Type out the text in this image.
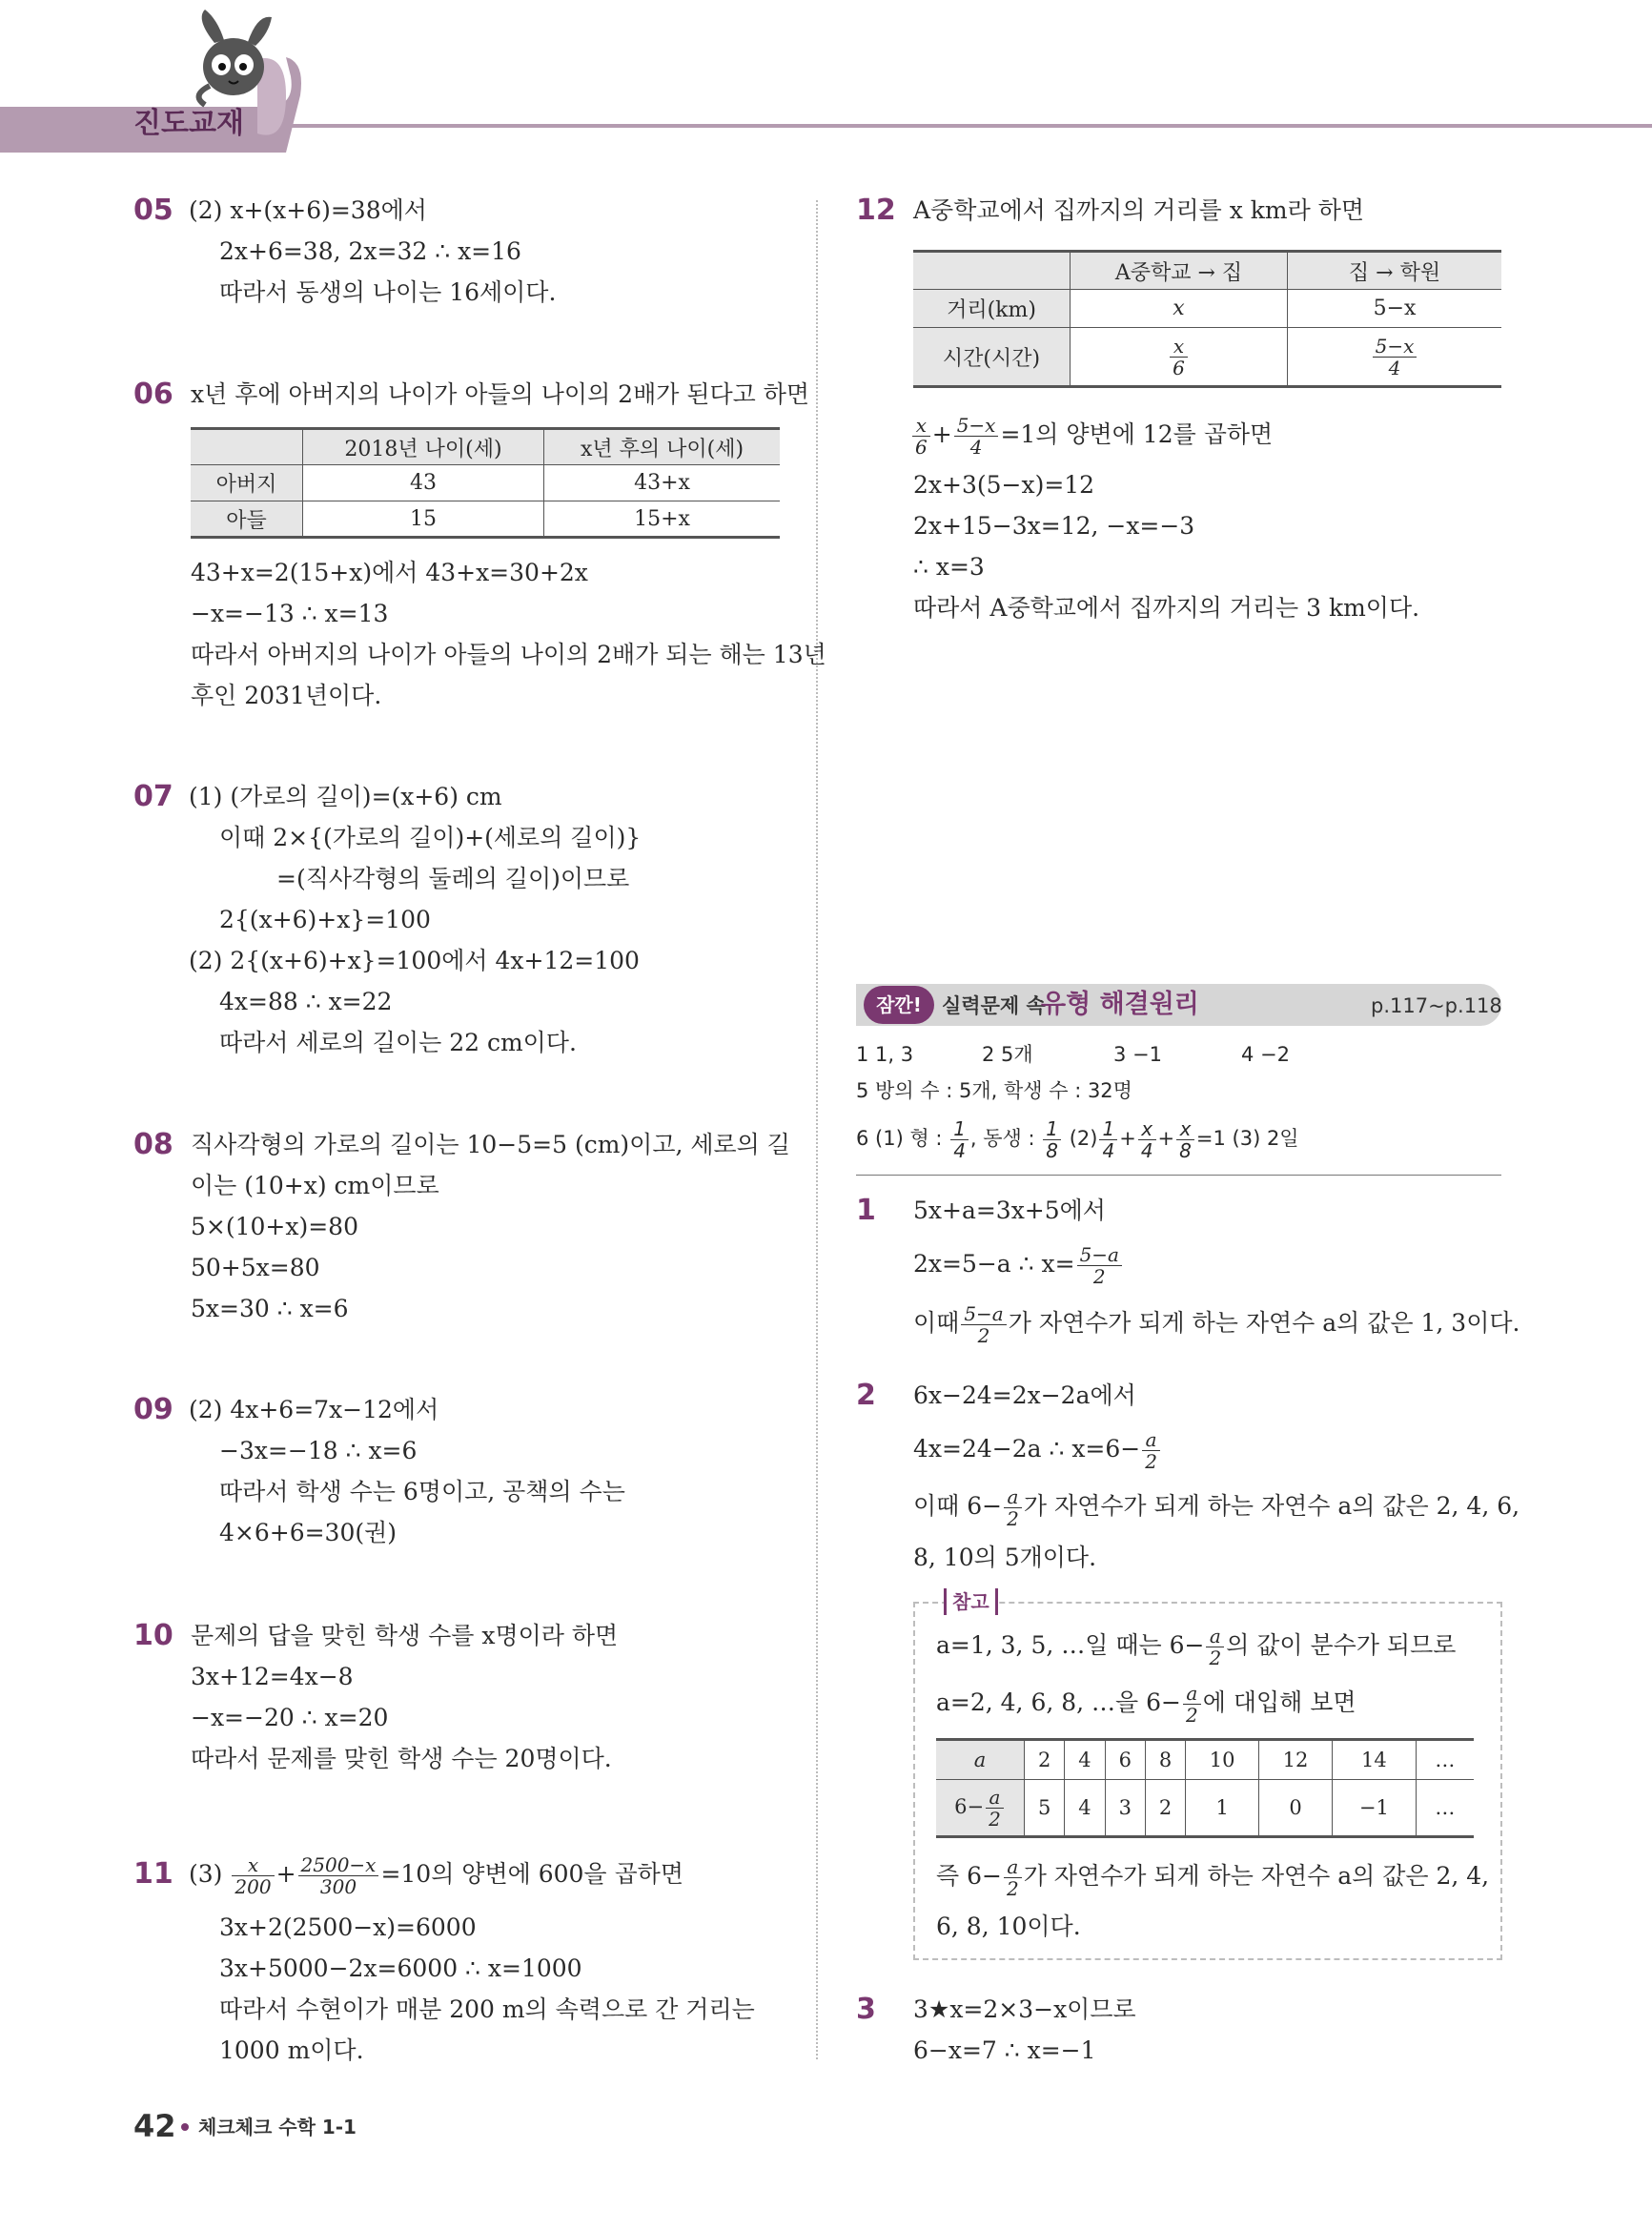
진도교재
05 (2) x+(x+6)=38에서
2x+6=38, 2x=32 ∴ x=16
따라서 동생의 나이는 16세이다.
06 x년 후에 아버지의 나이가 아들의 나이의 2배가 된다고 하면
	2018년 나이(세)	x년 후의 나이(세)
아버지	43	43+x
아들	15	15+x
43+x=2(15+x)에서 43+x=30+2x
−x=−13 ∴ x=13
따라서 아버지의 나이가 아들의 나이의 2배가 되는 해는 13년
후인 2031년이다.
07 (1) (가로의 길이)=(x+6) cm
이때 2×{(가로의 길이)+(세로의 길이)}
=(직사각형의 둘레의 길이)이므로
2{(x+6)+x}=100
(2) 2{(x+6)+x}=100에서 4x+12=100
4x=88 ∴ x=22
따라서 세로의 길이는 22 cm이다.
08 직사각형의 가로의 길이는 10−5=5 (cm)이고, 세로의 길
이는 (10+x) cm이므로
5×(10+x)=80
50+5x=80
5x=30 ∴ x=6
09 (2) 4x+6=7x−12에서
−3x=−18 ∴ x=6
따라서 학생 수는 6명이고, 공책의 수는
4×6+6=30(권)
10 문제의 답을 맞힌 학생 수를 x명이라 하면
3x+12=4x−8
−x=−20 ∴ x=20
따라서 문제를 맞힌 학생 수는 20명이다.
11 $(3) \frac{x}{200} + \frac{2500-x}{300} =10$의 양변에 600을 곱하면
3x+2(2500−x)=6000
3x+5000−2x=6000 ∴ x=1000
따라서 수현이가 매분 200 m의 속력으로 간 거리는
1000 m이다.
12 A중학교에서 집까지의 거리를 x km라 하면
	A중학교 → 집	집 → 학원
거리(km)	x	5−x
시간(시간)	$\frac{x}{6}$	$\frac{5-x}{4}$
$\frac{x}{6} + \frac{5-x}{4} =1$의 양변에 12를 곱하면
2x+3(5−x)=12
2x+15−3x=12, −x=−3
∴ x=3
따라서 A중학교에서 집까지의 거리는 3 km이다.
잠깐!	실력문제 속
유형 해결원리	p.117~p.118
1 1, 3	2 5개	3 −1	4 −2
5 방의 수 : 5개, 학생 수 : 32명
6 (1) 형 : $\frac{1}{4}$ , 동생 : $\frac{1}{8} (2) \frac{1}{4} + \frac{x}{4} + \frac{x}{8} =1$ (3) 2일
1 5x+a=3x+5에서
2x=5−a ∴ $x= \frac{5-a}{2}$
이때 $\frac{5-a}{2}$ 가 자연수가 되게 하는 자연수 a의 값은 1, 3이다.
2 6x−24=2x−2a에서
4x=24−2a ∴ $x=6- \frac{a}{2}$
이때 $6- \frac{a}{2}$ 가 자연수가 되게 하는 자연수 a의 값은 2, 4, 6,
8, 10의 5개이다.
참고
a=1, 3, 5, …일 때는 $6- \frac{a}{2}$ 의 값이 분수가 되므로
a=2, 4, 6, 8, …을 $6- \frac{a}{2}$ 에 대입해 보면
a	2	4	6	8	10	12	14	…
$6- \frac{a}{2}$	5	4	3	2	1	0	−1	…
즉 $6- \frac{a}{2}$ 가 자연수가 되게 하는 자연수 a의 값은 2, 4,
6, 8, 10이다.
3 3★x=2×3−x이므로
6−x=7 ∴ x=−1
42 체크체크 수학 1-1
